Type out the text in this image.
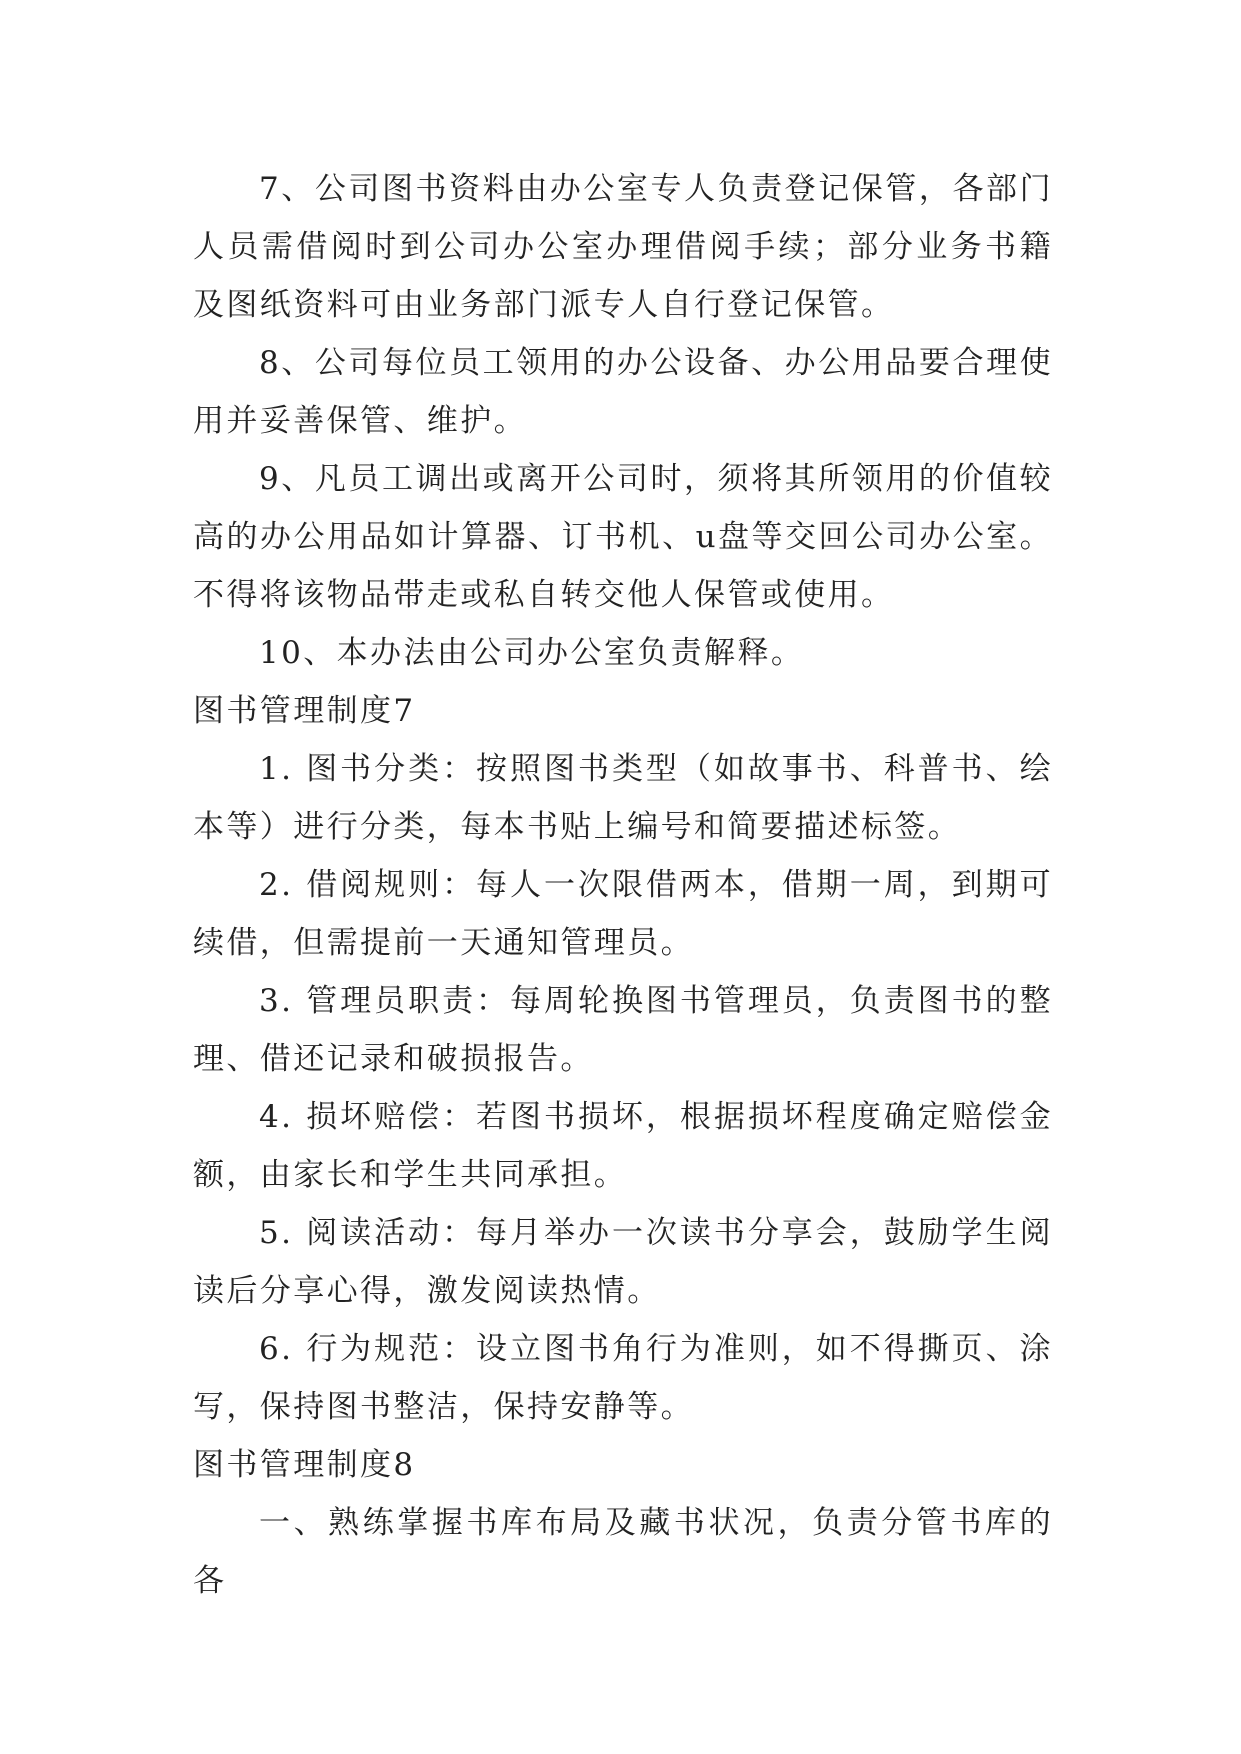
7、公司图书资料由办公室专人负责登记保管，各部门人员需借阅时到公司办公室办理借阅手续；部分业务书籍及图纸资料可由业务部门派专人自行登记保管。

8、公司每位员工领用的办公设备、办公用品要合理使用并妥善保管、维护。

9、凡员工调出或离开公司时，须将其所领用的价值较高的办公用品如计算器、订书机、u盘等交回公司办公室。不得将该物品带走或私自转交他人保管或使用。

10、本办法由公司办公室负责解释。

图书管理制度7

1. 图书分类：按照图书类型（如故事书、科普书、绘本等）进行分类，每本书贴上编号和简要描述标签。

2. 借阅规则：每人一次限借两本，借期一周，到期可续借，但需提前一天通知管理员。

3. 管理员职责：每周轮换图书管理员，负责图书的整理、借还记录和破损报告。

4. 损坏赔偿：若图书损坏，根据损坏程度确定赔偿金额，由家长和学生共同承担。

5. 阅读活动：每月举办一次读书分享会，鼓励学生阅读后分享心得，激发阅读热情。

6. 行为规范：设立图书角行为准则，如不得撕页、涂写，保持图书整洁，保持安静等。

图书管理制度8

一、熟练掌握书库布局及藏书状况，负责分管书库的各
